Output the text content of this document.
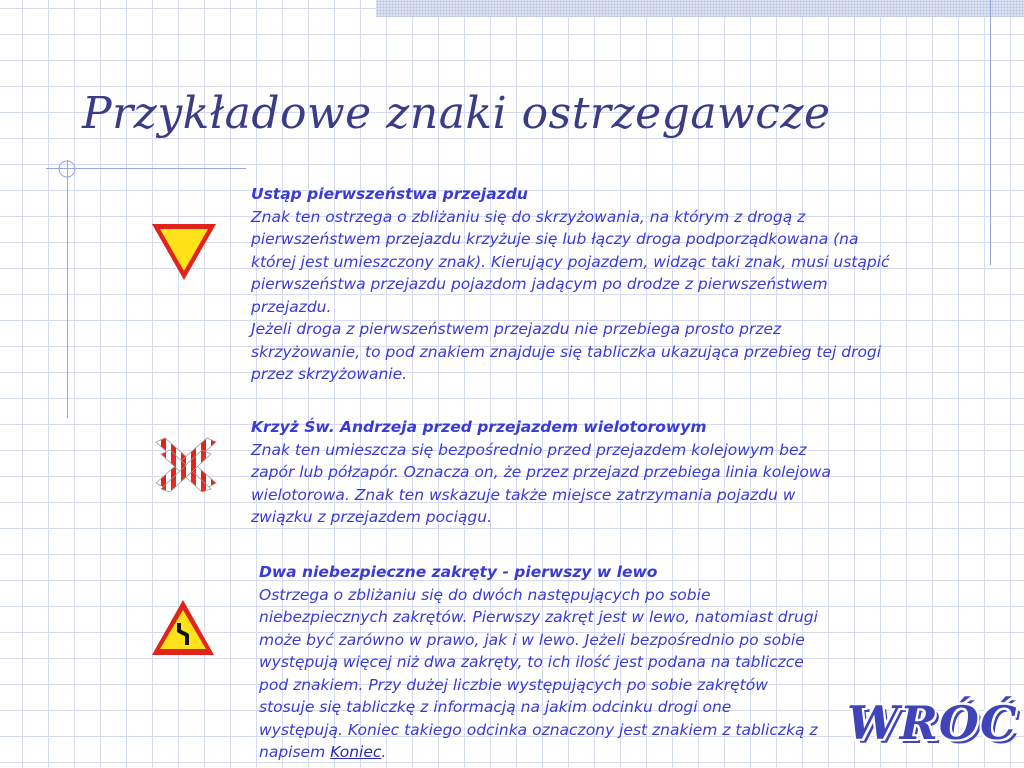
Przykładowe znaki ostrzegawcze
Ustąp pierwszeństwa przejazdu

Znak ten ostrzega o zbliżaniu się do skrzyżowania, na którym z drogą z pierwszeństwem przejazdu krzyżuje się lub łączy droga podporządkowana (na której jest umieszczony znak). Kierujący pojazdem, widząc taki znak, musi ustąpić pierwszeństwa przejazdu pojazdom jadącym po drodze z pierwszeństwem przejazdu.

Jeżeli droga z pierwszeństwem przejazdu nie przebiega prosto przez skrzyżowanie, to pod znakiem znajduje się tabliczka ukazująca przebieg tej drogi przez skrzyżowanie.

Krzyż Św. Andrzeja przed przejazdem wielotorowym

Znak ten umieszcza się bezpośrednio przed przejazdem kolejowym bez zapór lub półzapór. Oznacza on, że przez przejazd przebiega linia kolejowa wielotorowa. Znak ten wskazuje także miejsce zatrzymania pojazdu w związku z przejazdem pociągu.

Dwa niebezpieczne zakręty - pierwszy w lewo

Ostrzega o zbliżaniu się do dwóch następujących po sobie niebezpiecznych zakrętów. Pierwszy zakręt jest w lewo, natomiast drugi może być zarówno w prawo, jak i w lewo. Jeżeli bezpośrednio po sobie występują więcej niż dwa zakręty, to ich ilość jest podana na tabliczce pod znakiem. Przy dużej liczbie występujących po sobie zakrętów stosuje się tabliczkę z informacją na jakim odcinku drogi one występują. Koniec takiego odcinka oznaczony jest znakiem z tabliczką z napisem Koniec.

WRÓĆ
